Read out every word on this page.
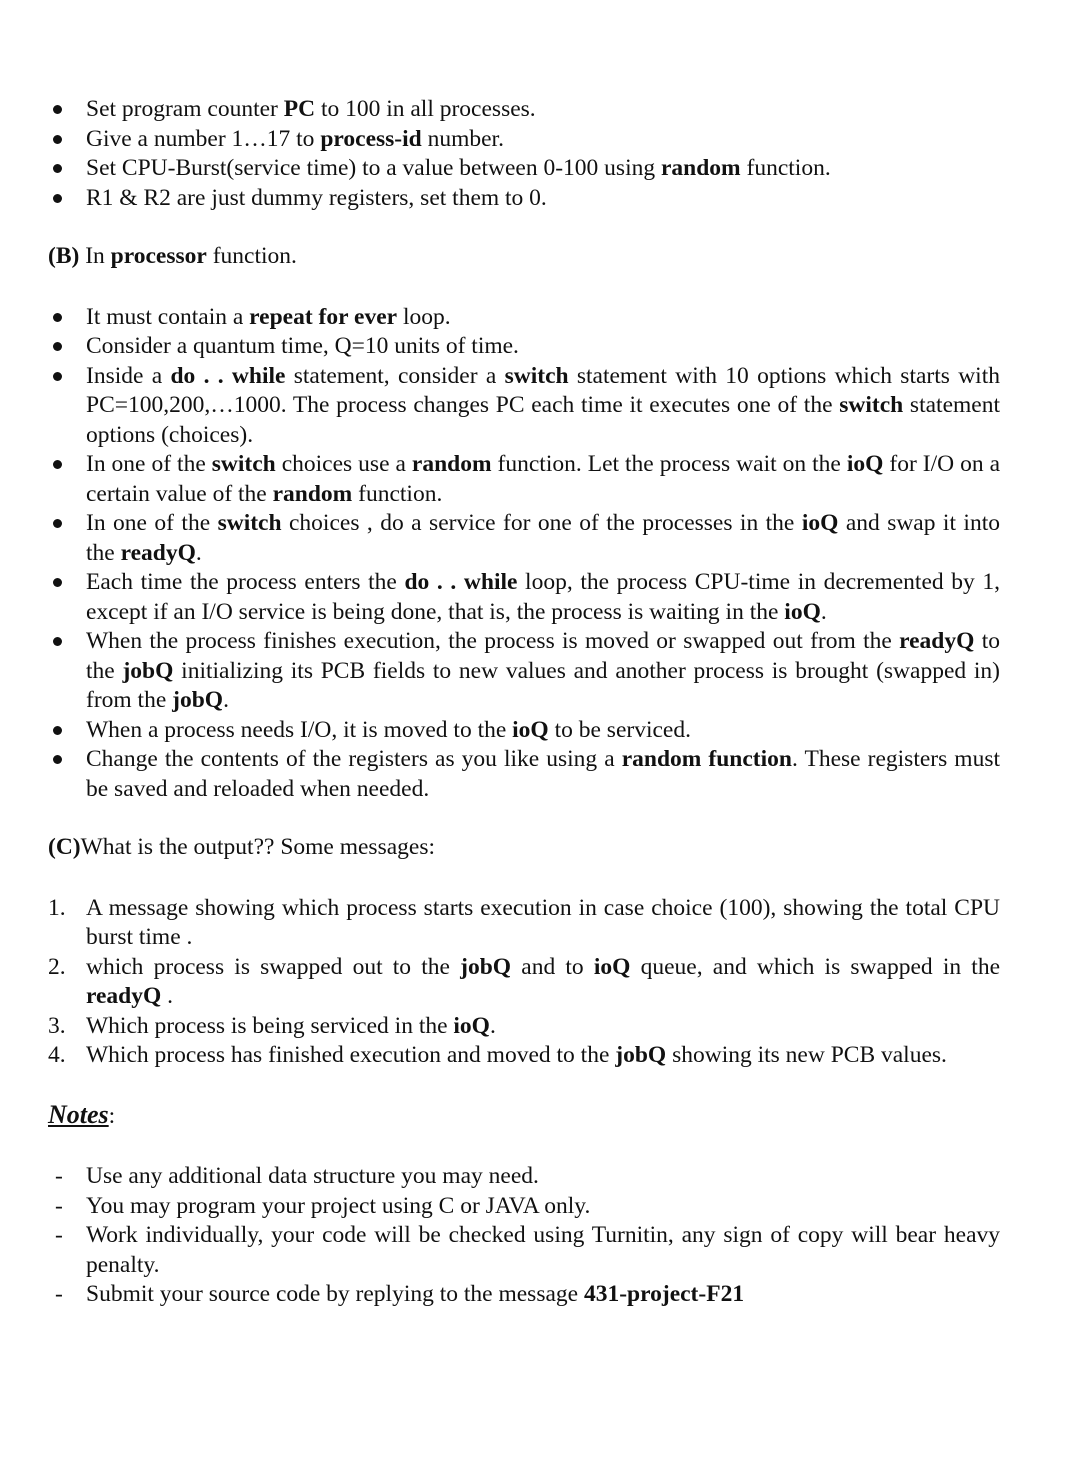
Set program counter PC to 100 in all processes.
Give a number 1…17 to process-id number.
Set CPU-Burst(service time) to a value between 0-100 using random function.
R1 & R2 are just dummy registers, set them to 0.

(B) In processor function.

It must contain a repeat for ever loop.
Consider a quantum time, Q=10 units of time.
Inside a do . . while statement, consider a switch statement with 10 options which starts with PC=100,200,…1000. The process changes PC each time it executes one of the switch statement options (choices).
In one of the switch choices use a random function. Let the process wait on the ioQ for I/O on a certain value of the random function.
In one of the switch choices , do a service for one of the processes in the ioQ and swap it into the readyQ.
Each time the process enters the do . . while loop, the process CPU-time in decremented by 1, except if an I/O service is being done, that is, the process is waiting in the ioQ.
When the process finishes execution, the process is moved or swapped out from the readyQ to the jobQ initializing its PCB fields to new values and another process is brought (swapped in) from the jobQ.
When a process needs I/O, it is moved to the ioQ to be serviced.
Change the contents of the registers as you like using a random function. These registers must be saved and reloaded when needed.

(C)What is the output?? Some messages:

1. A message showing which process starts execution in case choice (100), showing the total CPU burst time .
2. which process is swapped out to the jobQ and to ioQ queue, and which is swapped in the readyQ .
3. Which process is being serviced in the ioQ.
4. Which process has finished execution and moved to the jobQ showing its new PCB values.

Notes:

- Use any additional data structure you may need.
- You may program your project using C or JAVA only.
- Work individually, your code will be checked using Turnitin, any sign of copy will bear heavy penalty.
- Submit your source code by replying to the message 431-project-F21
